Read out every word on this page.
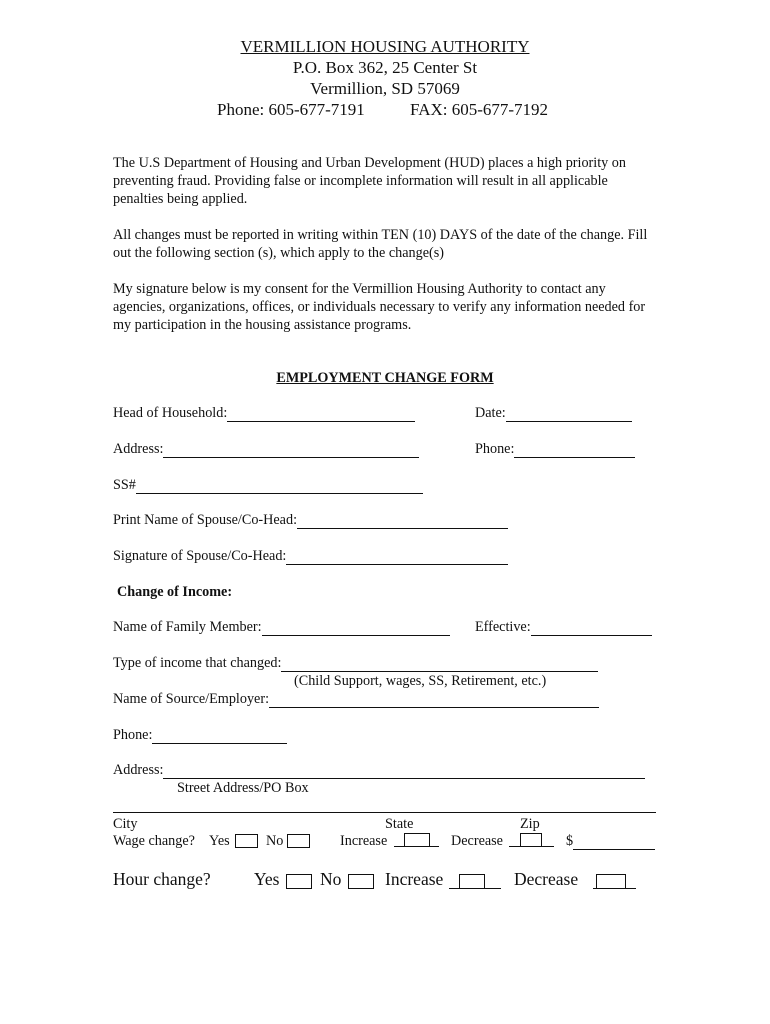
VERMILLION HOUSING AUTHORITY
P.O. Box 362, 25 Center St
Vermillion, SD 57069
Phone: 605-677-7191	FAX: 605-677-7192
The U.S Department of Housing and Urban Development (HUD) places a high priority on preventing fraud. Providing false or incomplete information will result in all applicable penalties being applied.
All changes must be reported in writing within TEN (10) DAYS of the date of the change. Fill out the following section (s), which apply to the change(s)
My signature below is my consent for the Vermillion Housing Authority to contact any agencies, organizations, offices, or individuals necessary to verify any information needed for my participation in the housing assistance programs.
EMPLOYMENT CHANGE FORM
Head of Household:	Date:
Address:	Phone:
SS#
Print Name of Spouse/Co-Head:
Signature of Spouse/Co-Head:
Change of Income:
Name of Family Member:	Effective:
Type of income that changed:
(Child Support, wages, SS, Retirement, etc.)
Name of Source/Employer:
Phone:
Address:
Street Address/PO Box
City	State	Zip
Wage change? Yes	No	Increase	Decrease	$
Hour change? Yes No Increase	Decrease
